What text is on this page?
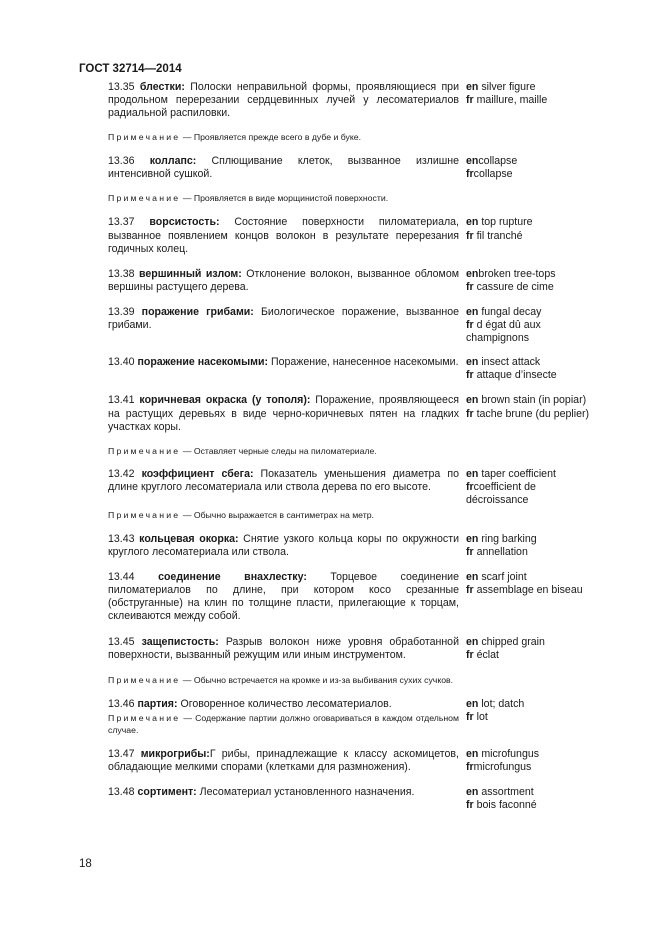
ГОСТ 32714—2014
13.35 блестки: Полоски неправильной формы, проявляющиеся при продольном перерезании сердцевинных лучей у лесоматериалов радиальной распиловки.
en silver figure
fr maillure, maille
Примечание — Проявляется прежде всего в дубе и буке.
13.36 коллапс: Сплющивание клеток, вызванное излишне интенсивной сушкой.
encollapse
frcollapse
Примечание — Проявляется в виде морщинистой поверхности.
13.37 ворсистость: Состояние поверхности пиломатериала, вызванное появлением концов волокон в результате перерезания годичных колец.
en top rupture
fr fil tranché
13.38 вершинный излом: Отклонение волокон, вызванное обломом вершины растущего дерева.
enbroken tree-tops
fr cassure de cime
13.39 поражение грибами: Биологическое поражение, вызванное грибами.
en fungal decay
fr d égat dû aux
champignons
13.40 поражение насекомыми: Поражение, нанесенное насекомыми. en insect attack
fr attaque d’insecte
13.41 коричневая окраска (у тополя): Поражение, проявляющееся на растущих деревьях в виде черно-коричневых пятен на гладких участках коры.
en brown stain (in popiar)
fr tache brune (du peplier)
Примечание — Оставляет черные следы на пиломатериале.
13.42 коэффициент сбега: Показатель уменьшения диаметра по длине круглого лесоматериала или ствола дерева по его высоте.
en taper coefficient
frcoefficient de
décroissance
Примечание — Обычно выражается в сантиметрах на метр.
13.43 кольцевая окорка: Снятие узкого кольца коры по окружности круглого лесоматериала или ствола.
en ring barking
fr annellation
13.44 соединение внахлестку: Торцевое соединение пиломатериалов по длине, при котором косо срезанные (обструганные) на клин по толщине пласти, прилегающие к торцам, склеиваются между собой.
en scarf joint
fr assemblage en biseau
13.45 защепистость: Разрыв волокон ниже уровня обработанной поверхности, вызванный режущим или иным инструментом.
en chipped grain
fr éclat
Примечание — Обычно встречается на кромке и из-за выбивания сухих сучков.
13.46 партия: Оговоренное количество лесоматериалов.	en lot; datch
fr lot
Примечание — Содержание партии должно оговариваться в каждом отдельном случае.
13.47 микрогрибы:Г рибы, принадлежащие к классу аскомицетов, обладающие мелкими спорами (клетками для размножения).
en microfungus
frmicrofungus
13.48 сортимент: Лесоматериал установленного назначения.	en assortment
fr bois faconné
18
